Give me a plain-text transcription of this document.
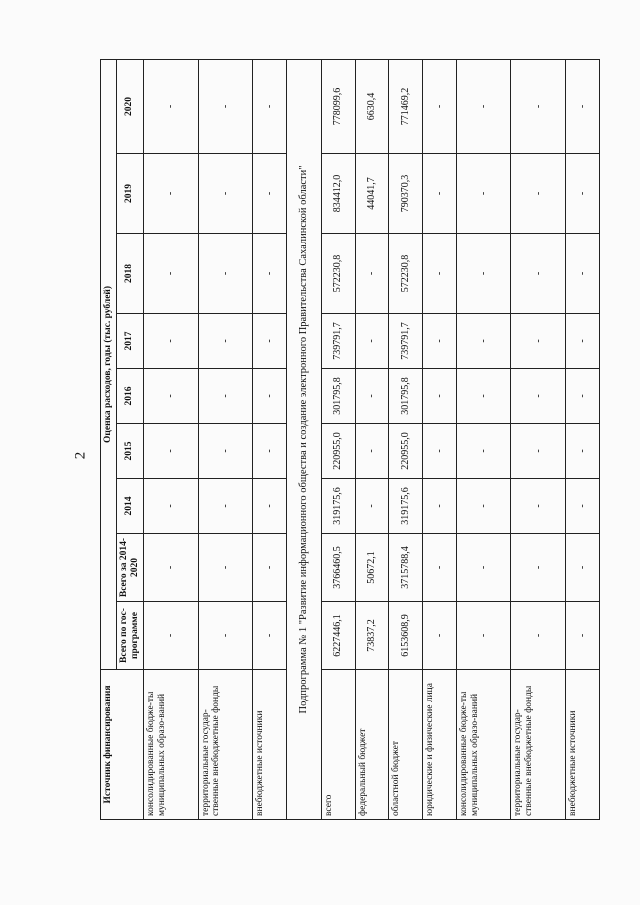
2
Источник финансирования	Оценка расходов, годы (тыс. рублей)								
	Всего по гос-программе	Всего за 2014-2020	2014	2015	2016	2017	2018	2019	2020
консолидированные бюдже-ты муниципальных образо-ваний	-	-	-	-	-	-	-	-	-
территориальные государ-ственные внебюджетные фонды	-	-	-	-	-	-	-	-	-
внебюджетные источники	-	-	-	-	-	-	-	-	-
Подпрограмма № 1 "Развитие информационного общества и создание электронного Правительства Сахалинской области"									
всего	6227446,1	3766460,5	319175,6	220955,0	301795,8	739791,7	572230,8	834412,0	778099,6
федеральный бюджет	73837,2	50672,1	-	-	-	-	-	44041,7	6630,4
областной бюджет	6153608,9	3715788,4	319175,6	220955,0	301795,8	739791,7	572230,8	790370,3	771469,2
юридические и физические лица	-	-	-	-	-	-	-	-	-
консолидированные бюдже-ты муниципальных образо-ваний	-	-	-	-	-	-	-	-	-
территориальные государ-ственные внебюджетные фонды	-	-	-	-	-	-	-	-	-
внебюджетные источники	-	-	-	-	-	-	-	-	-
